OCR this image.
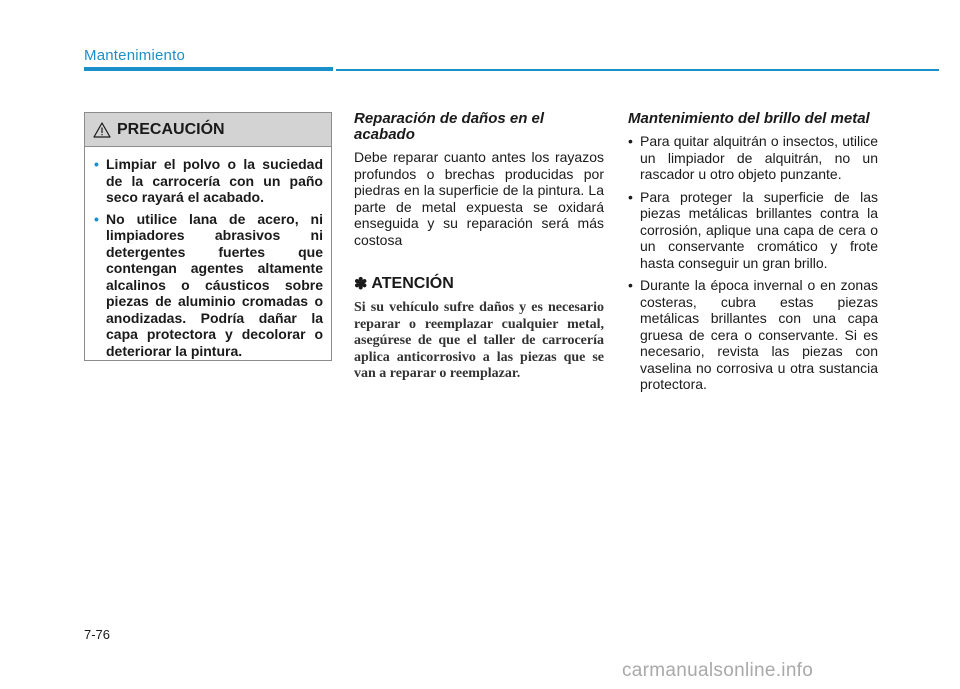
Mantenimiento
PRECAUCIÓN
• Limpiar el polvo o la suciedad de la carrocería con un paño seco rayará el acabado.
• No utilice lana de acero, ni limpiadores abrasivos ni detergentes fuertes que contengan agentes altamente alcalinos o cáusticos sobre piezas de aluminio cromadas o anodizadas. Podría dañar la capa protectora y decolorar o deteriorar la pintura.
Reparación de daños en el acabado

Debe reparar cuanto antes los rayazos profundos o brechas producidas por piedras en la superficie de la pintura. La parte de metal expuesta se oxidará enseguida y su reparación será más costosa

✽ ATENCIÓN

Si su vehículo sufre daños y es necesario reparar o reemplazar cualquier metal, asegúrese de que el taller de carrocería aplica anticorrosivo a las piezas que se van a reparar o reemplazar.

Mantenimiento del brillo del metal
• Para quitar alquitrán o insectos, utilice un limpiador de alquitrán, no un rascador u otro objeto punzante.
• Para proteger la superficie de las piezas metálicas brillantes contra la corrosión, aplique una capa de cera o un conservante cromático y frote hasta conseguir un gran brillo.
• Durante la época invernal o en zonas costeras, cubra estas piezas metálicas brillantes con una capa gruesa de cera o conservante. Si es necesario, revista las piezas con vaselina no corrosiva u otra sustancia protectora.
7-76
carmanualsonline.info
